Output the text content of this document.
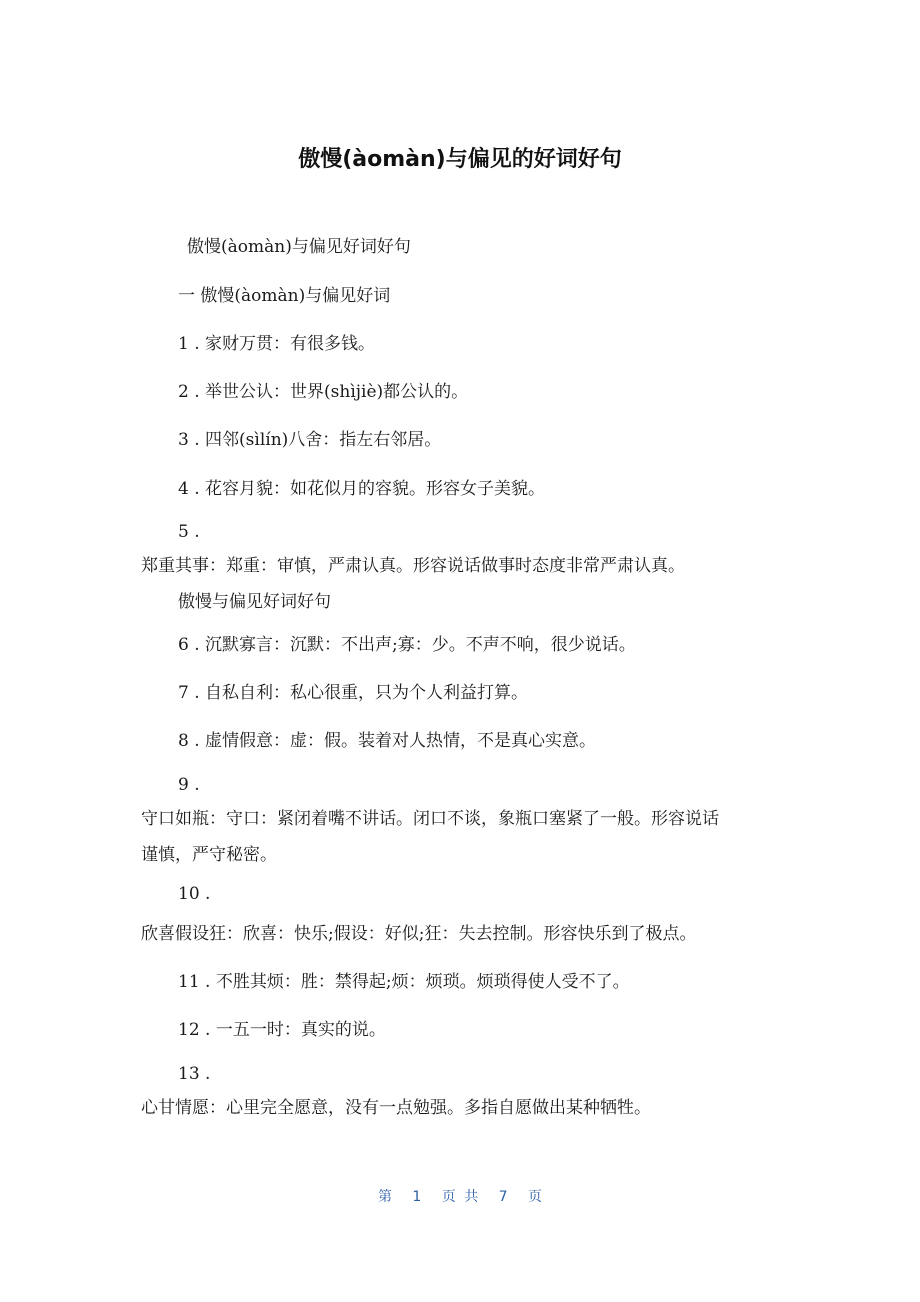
傲慢(àomàn)与偏见的好词好句
傲慢(àomàn)与偏见好词好句
一 傲慢(àomàn)与偏见好词
1 . 家财万贯：有很多钱。
2 . 举世公认：世界(shìjiè)都公认的。
3 . 四邻(sìlín)八舍：指左右邻居。
4 . 花容月貌：如花似月的容貌。形容女子美貌。
5 .
郑重其事：郑重：审慎，严肃认真。形容说话做事时态度非常严肃认真。
傲慢与偏见好词好句
6 . 沉默寡言：沉默：不出声;寡：少。不声不响，很少说话。
7 . 自私自利：私心很重，只为个人利益打算。
8 . 虚情假意：虚：假。装着对人热情，不是真心实意。
9 .
守口如瓶：守口：紧闭着嘴不讲话。闭口不谈，象瓶口塞紧了一般。形容说话
谨慎，严守秘密。
10 .
欣喜假设狂：欣喜：快乐;假设：好似;狂：失去控制。形容快乐到了极点。
11 . 不胜其烦：胜：禁得起;烦：烦琐。烦琐得使人受不了。
12 . 一五一时：真实的说。
13 .
心甘情愿：心里完全愿意，没有一点勉强。多指自愿做出某种牺牲。
第 1 页 共 7 页
